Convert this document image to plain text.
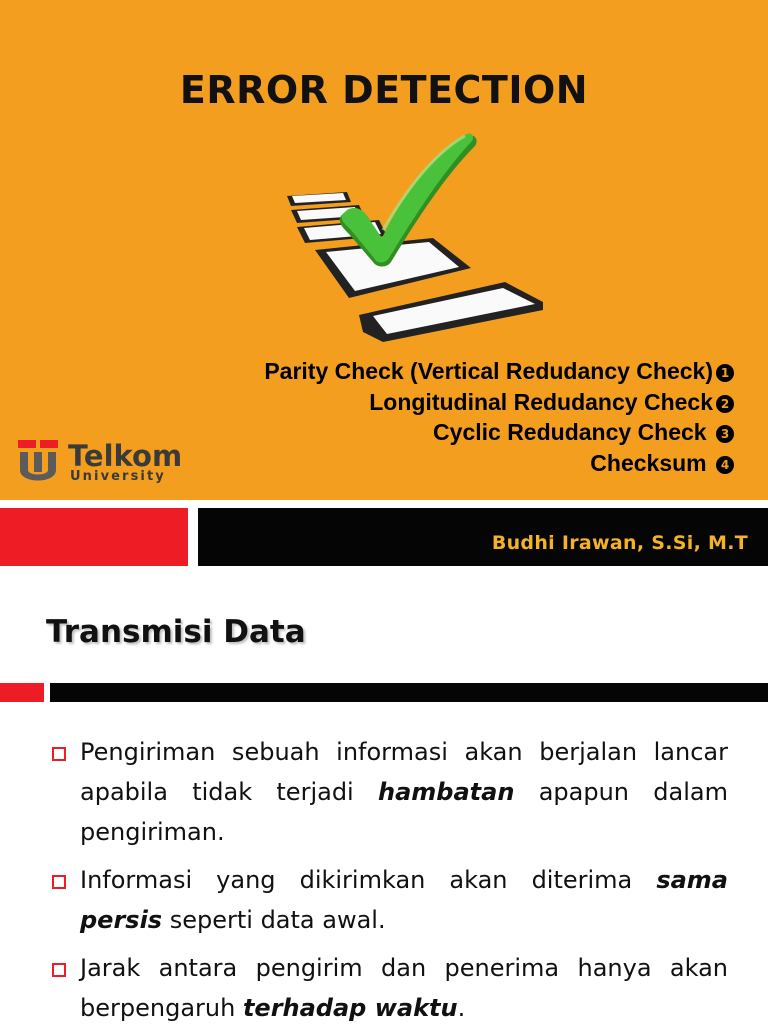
ERROR DETECTION
Parity Check (Vertical Redudancy Check) 1
Longitudinal Redudancy Check 2
Cyclic Redudancy Check 3
Checksum 4
Telkom
University
Budhi Irawan, S.Si, M.T
Transmisi Data
Pengiriman sebuah informasi akan berjalan lancar apabila tidak terjadi hambatan apapun dalam pengiriman.
Informasi yang dikirimkan akan diterima sama persis seperti data awal.
Jarak antara pengirim dan penerima hanya akan berpengaruh terhadap waktu.
